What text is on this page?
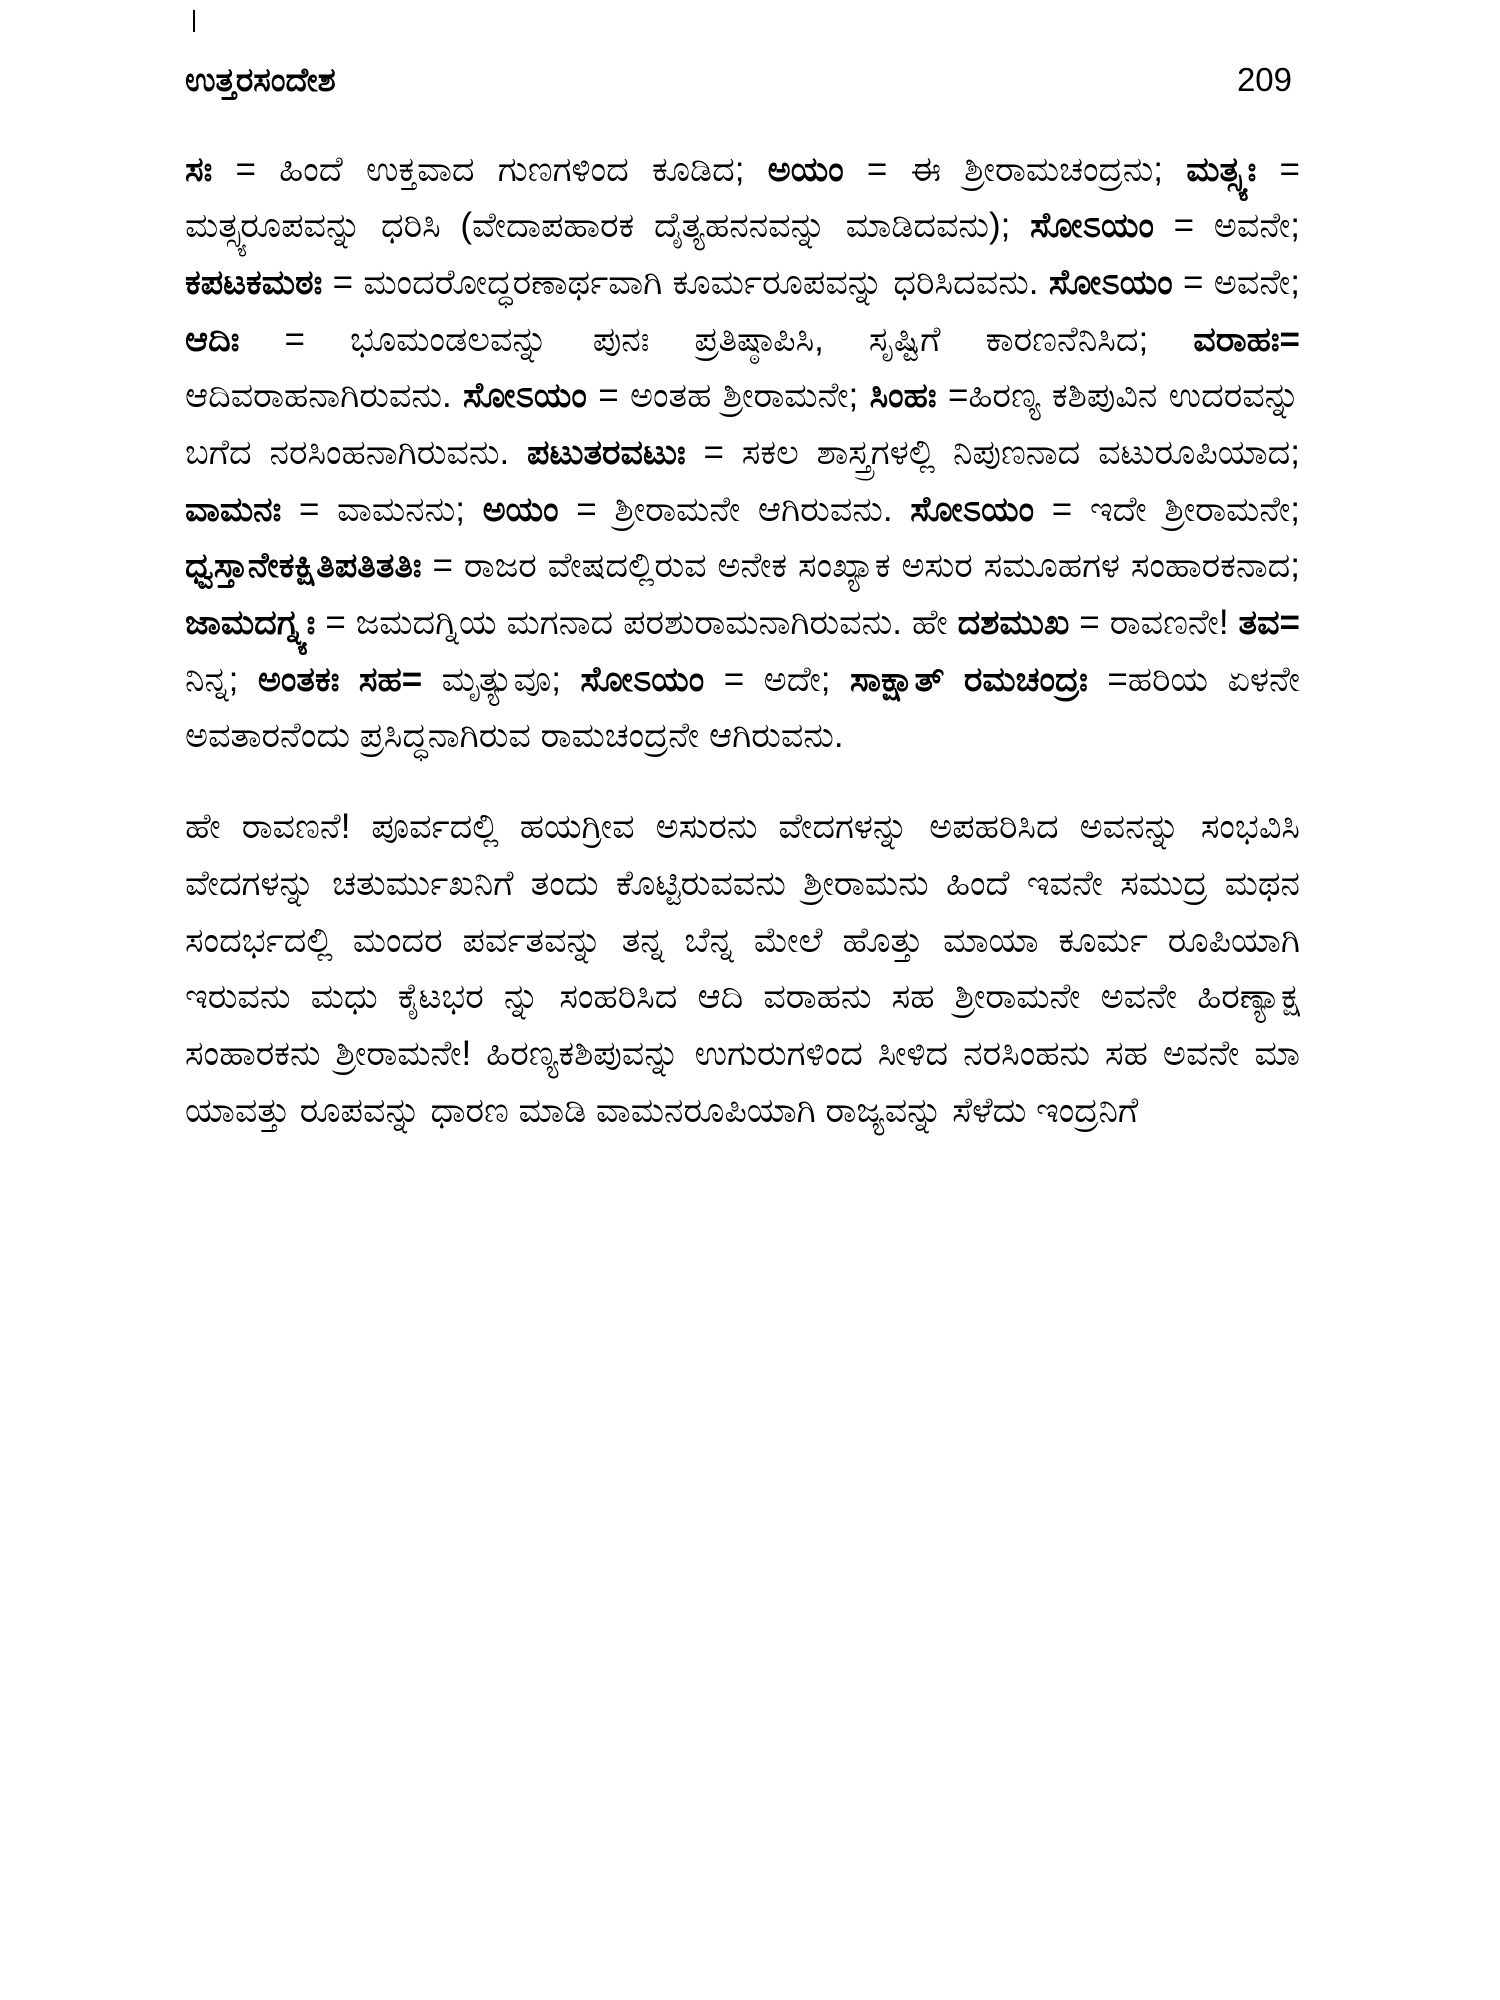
ಉತ್ತರಸಂದೇಶ	209

ಸಃ = ಹಿಂದೆ ಉಕ್ತವಾದ ಗುಣಗಳಿಂದ ಕೂಡಿದ; ಅಯಂ = ಈ ಶ್ರೀರಾಮಚಂದ್ರನು; ಮತ್ಸ್ಯಃ = ಮತ್ಸ್ಯರೂಪವನ್ನು ಧರಿಸಿ (ವೇದಾಪಹಾರಕ ದೈತ್ಯಹನನವನ್ನು ಮಾಡಿದವನು); ಸೋಽಯಂ = ಅವನೇ; ಕಪಟಕಮಠಃ = ಮಂದರೋದ್ಧರಣಾರ್ಥವಾಗಿ ಕೂರ್ಮರೂಪವನ್ನು ಧರಿಸಿದವನು. ಸೋಽಯಂ = ಅವನೇ; ಆದಿಃ = ಭೂಮಂಡಲವನ್ನು ಪುನಃ ಪ್ರತಿಷ್ಠಾಪಿಸಿ, ಸೃಷ್ಟಿಗೆ ಕಾರಣನೆನಿಸಿದ; ವರಾಹಃ= ಆದಿವರಾಹನಾಗಿರುವನು. ಸೋಽಯಂ = ಅಂತಹ ಶ್ರೀರಾಮನೇ; ಸಿಂಹಃ =ಹಿರಣ್ಯ ಕಶಿಪುವಿನ ಉದರವನ್ನು ಬಗೆದ ನರಸಿಂಹನಾಗಿರುವನು. ಪಟುತರವಟುಃ = ಸಕಲ ಶಾಸ್ತ್ರಗಳಲ್ಲಿ ನಿಪುಣನಾದ ವಟುರೂಪಿಯಾದ; ವಾಮನಃ = ವಾಮನನು; ಅಯಂ = ಶ್ರೀರಾಮನೇ ಆಗಿರುವನು. ಸೋಽಯಂ = ಇದೇ ಶ್ರೀರಾಮನೇ; ಧ್ವಸ್ತಾನೇಕಕ್ಷಿತಿಪತಿತತಿಃ = ರಾಜರ ವೇಷದಲ್ಲಿರುವ ಅನೇಕ ಸಂಖ್ಯಾಕ ಅಸುರ ಸಮೂಹಗಳ ಸಂಹಾರಕನಾದ; ಜಾಮದಗ್ನ್ಯಃ = ಜಮದಗ್ನಿಯ ಮಗನಾದ ಪರಶುರಾಮನಾಗಿರುವನು. ಹೇ ದಶಮುಖ = ರಾವಣನೇ! ತವ= ನಿನ್ನ; ಅಂತಕಃ ಸಹ= ಮೃತ್ಯುವೂ; ಸೋಽಯಂ = ಅದೇ; ಸಾಕ್ಷಾತ್ ರಮಚಂದ್ರಃ =ಹರಿಯ ಏಳನೇ ಅವತಾರನೆಂದು ಪ್ರಸಿದ್ಧನಾಗಿರುವ ರಾಮಚಂದ್ರನೇ ಆಗಿರುವನು.

ಹೇ ರಾವಣನೆ! ಪೂರ್ವದಲ್ಲಿ ಹಯಗ್ರೀವ ಅಸುರನು ವೇದಗಳನ್ನು ಅಪಹರಿಸಿದ ಅವನನ್ನು ಸಂಭವಿಸಿ ವೇದಗಳನ್ನು ಚತುರ್ಮುಖನಿಗೆ ತಂದು ಕೊಟ್ಟಿರುವವನು ಶ್ರೀರಾಮನು ಹಿಂದೆ ಇವನೇ ಸಮುದ್ರ ಮಥನ ಸಂದರ್ಭದಲ್ಲಿ ಮಂದರ ಪರ್ವತವನ್ನು ತನ್ನ ಬೆನ್ನ ಮೇಲೆ ಹೊತ್ತು ಮಾಯಾ ಕೂರ್ಮ ರೂಪಿಯಾಗಿ ಇರುವನು ಮಧು ಕೈಟಭರ ನ್ನು ಸಂಹರಿಸಿದ ಆದಿ ವರಾಹನು ಸಹ ಶ್ರೀರಾಮನೇ ಅವನೇ ಹಿರಣ್ಯಾಕ್ಷ ಸಂಹಾರಕನು ಶ್ರೀರಾಮನೇ! ಹಿರಣ್ಯಕಶಿಪುವನ್ನು ಉಗುರುಗಳಿಂದ ಸೀಳಿದ ನರಸಿಂಹನು ಸಹ ಅವನೇ ಮಾ ಯಾವತ್ತು ರೂಪವನ್ನು ಧಾರಣ ಮಾಡಿ ವಾಮನರೂಪಿಯಾಗಿ ರಾಜ್ಯವನ್ನು ಸೆಳೆದು ಇಂದ್ರನಿಗೆ
